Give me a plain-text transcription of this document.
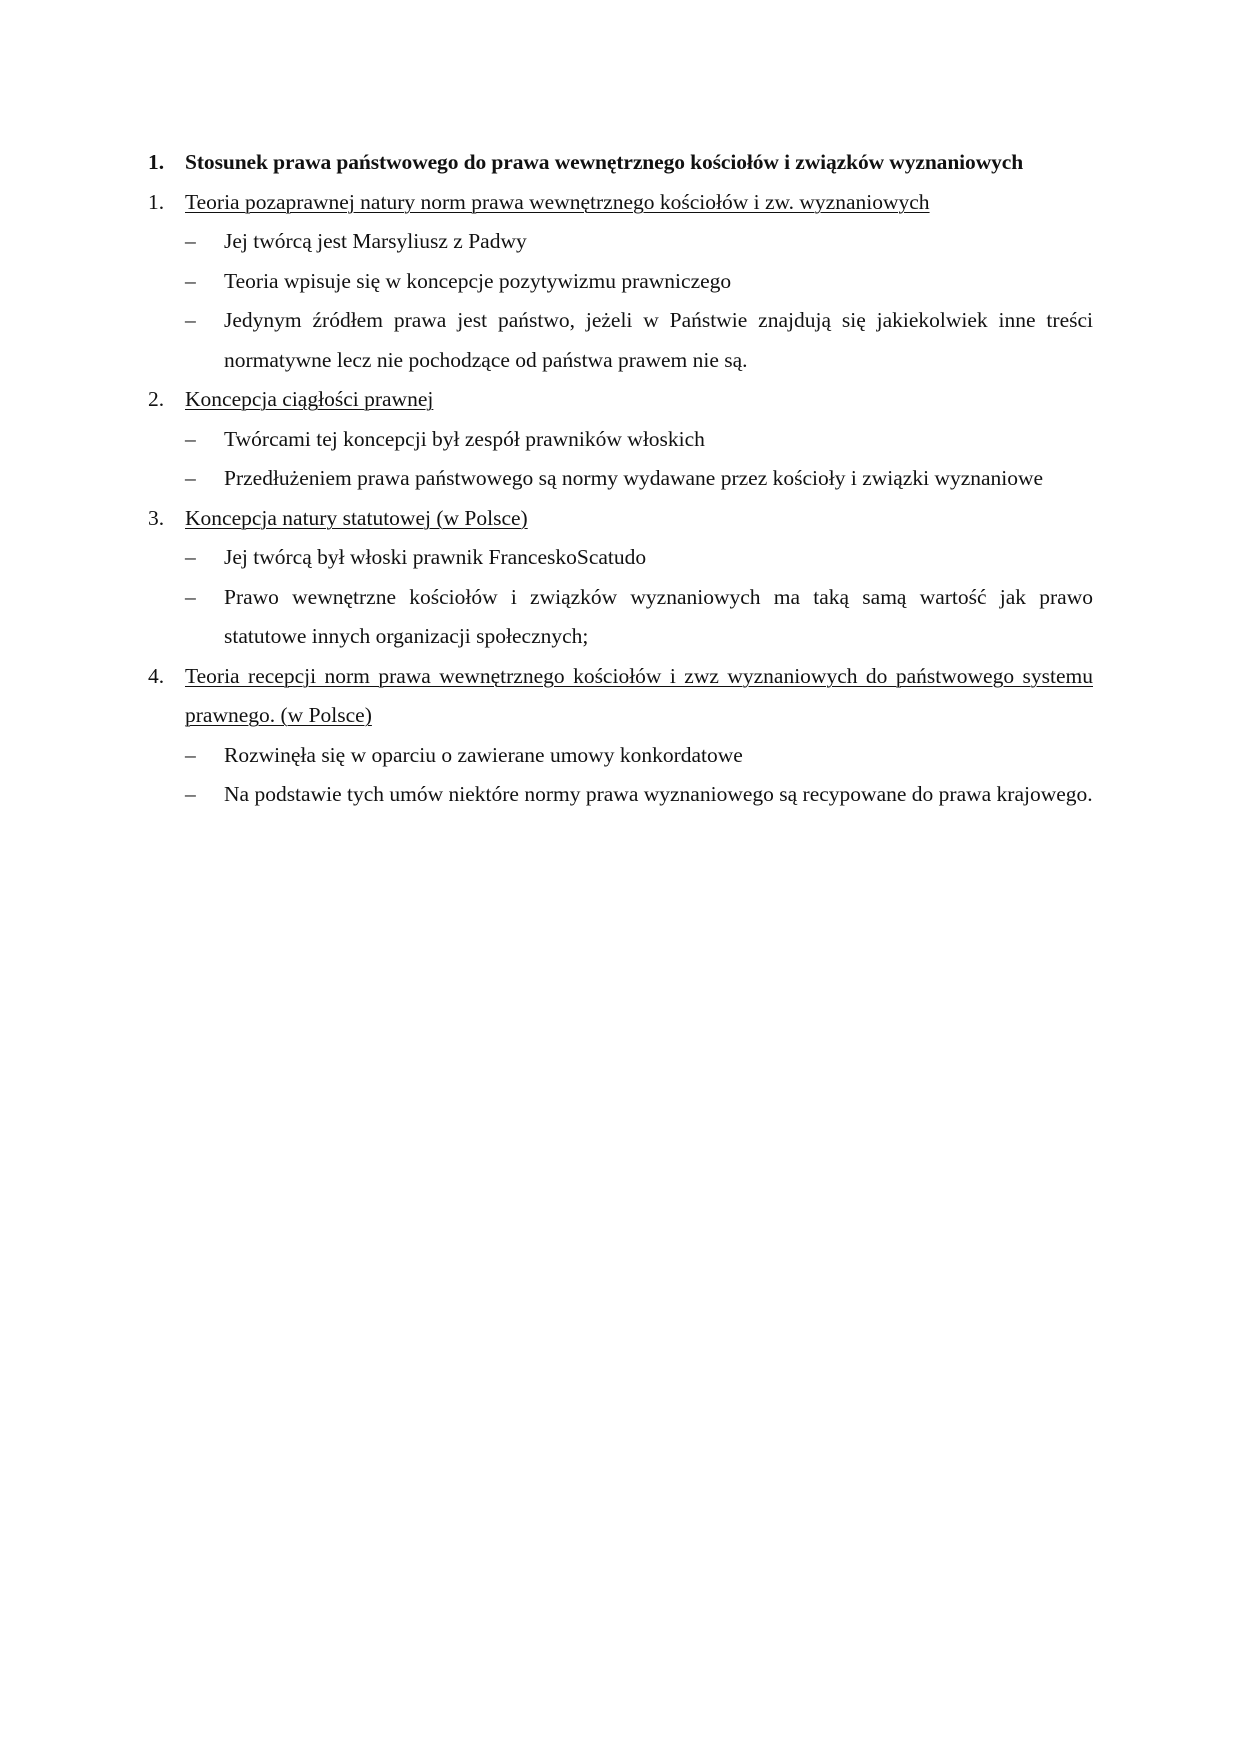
1. Stosunek prawa państwowego do prawa wewnętrznego kościołów i związków wyznaniowych
1. Teoria pozaprawnej natury norm prawa wewnętrznego kościołów i zw. wyznaniowych
–	Jej twórcą jest Marsyliusz z Padwy
–	Teoria wpisuje się w koncepcje pozytywizmu prawniczego
–	Jedynym źródłem prawa jest państwo, jeżeli w Państwie znajdują się jakiekolwiek inne treści normatywne lecz nie pochodzące od państwa prawem nie są.
2. Koncepcja ciągłości prawnej
–	Twórcami tej koncepcji był zespół prawników włoskich
–	Przedłużeniem prawa państwowego są normy wydawane przez kościoły i związki wyznaniowe
3. Koncepcja natury statutowej (w Polsce)
–	Jej twórcą był włoski prawnik FranceskoScatudo
–	Prawo wewnętrzne kościołów i związków wyznaniowych ma taką samą wartość jak prawo statutowe innych organizacji społecznych;
4. Teoria recepcji norm prawa wewnętrznego kościołów i zwz wyznaniowych do państwowego systemu prawnego. (w Polsce)
–	Rozwinęła się w oparciu o zawierane umowy konkordatowe
–	Na podstawie tych umów niektóre normy prawa wyznaniowego są recypowane do prawa krajowego.
